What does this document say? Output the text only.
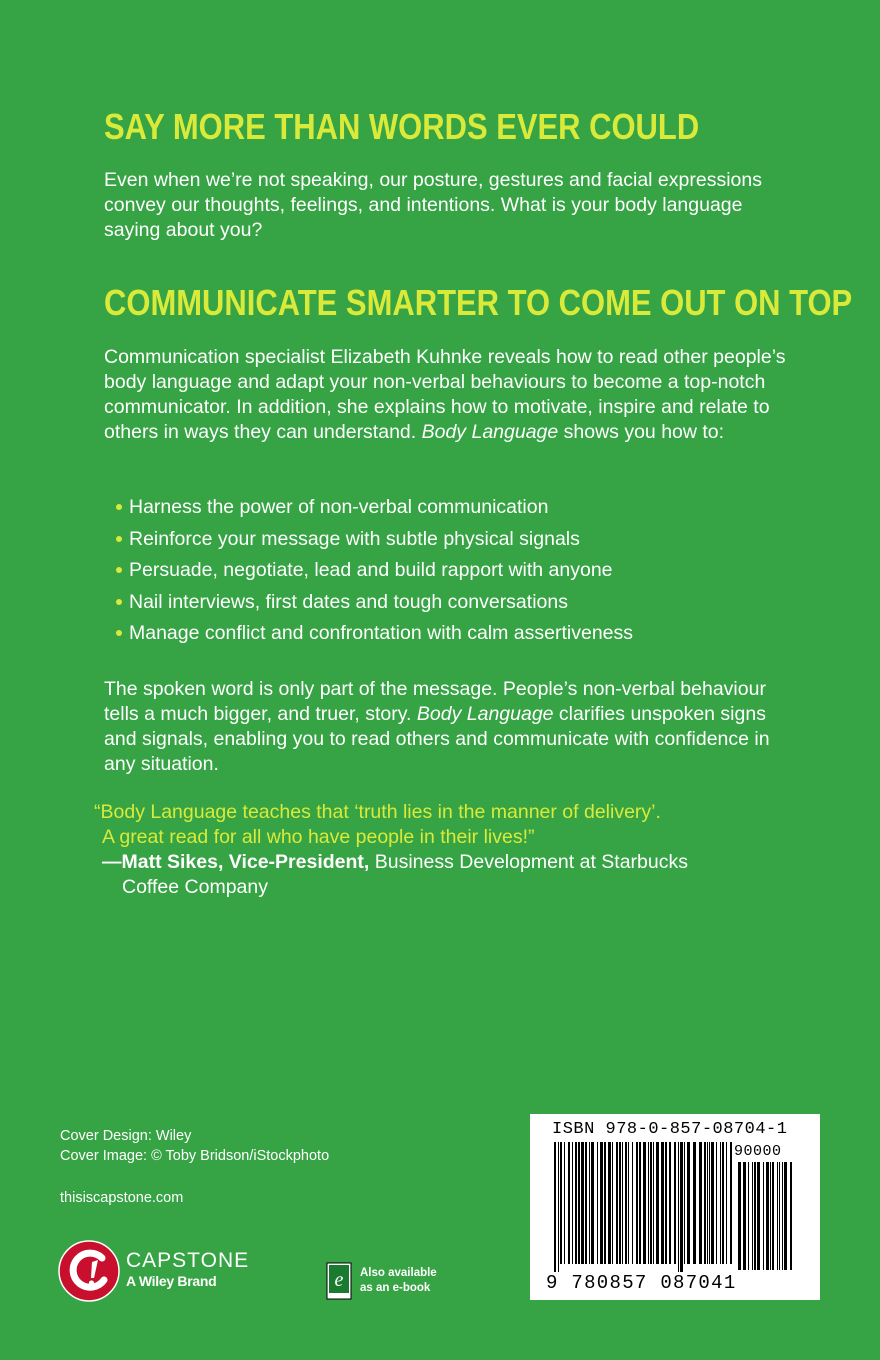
SAY MORE THAN WORDS EVER COULD

Even when we’re not speaking, our posture, gestures and facial expressions convey our thoughts, feelings, and intentions. What is your body language saying about you?

COMMUNICATE SMARTER TO COME OUT ON TOP

Communication specialist Elizabeth Kuhnke reveals how to read other people’s body language and adapt your non-verbal behaviours to become a top-notch communicator. In addition, she explains how to motivate, inspire and relate to others in ways they can understand. Body Language shows you how to:

Harness the power of non-verbal communication
Reinforce your message with subtle physical signals
Persuade, negotiate, lead and build rapport with anyone
Nail interviews, first dates and tough conversations
Manage conflict and confrontation with calm assertiveness

The spoken word is only part of the message. People’s non-verbal behaviour tells a much bigger, and truer, story. Body Language clarifies unspoken signs and signals, enabling you to read others and communicate with confidence in any situation.

“Body Language teaches that ‘truth lies in the manner of delivery’.
A great read for all who have people in their lives!”

—Matt Sikes, Vice-President, Business Development at Starbucks
Coffee Company

Cover Design: Wiley
Cover Image: © Toby Bridson/iStockphoto

thisiscapstone.com

CAPSTONE
A Wiley Brand	e Also available
as an e-book
ISBN 978-0-857-08704-1
90000
9 780857 087041
